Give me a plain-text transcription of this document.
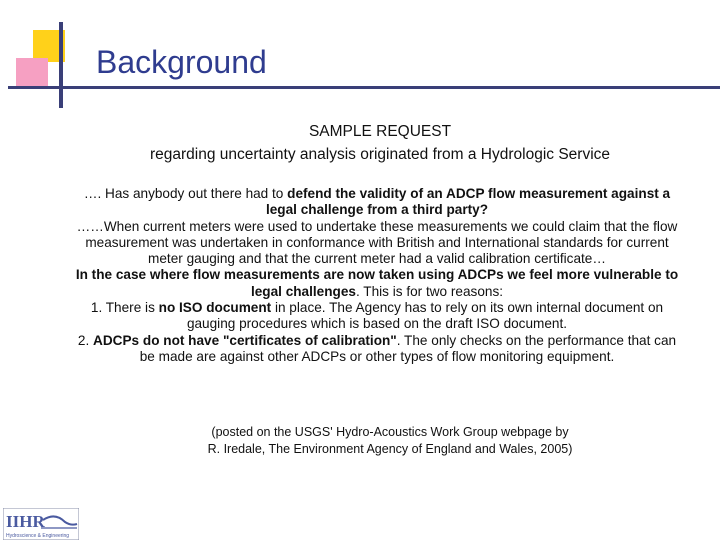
Background
SAMPLE REQUEST
regarding uncertainty analysis originated from a Hydrologic Service

…. Has anybody out there had to defend the validity of an ADCP flow measurement against a legal challenge from a third party?

……When current meters were used to undertake these measurements we could claim that the flow measurement was undertaken in conformance with British and International standards for current meter gauging and that the current meter had a valid calibration certificate…

In the case where flow measurements are now taken using ADCPs we feel more vulnerable to legal challenges. This is for two reasons:

1. There is no ISO document in place. The Agency has to rely on its own internal document on gauging procedures which is based on the draft ISO document.

2. ADCPs do not have "certificates of calibration". The only checks on the performance that can be made are against other ADCPs or other types of flow monitoring equipment.

(posted on the USGS' Hydro-Acoustics Work Group webpage by
R. Iredale, The Environment Agency of England and Wales, 2005)
IIHR
Hydroscience & Engineering
